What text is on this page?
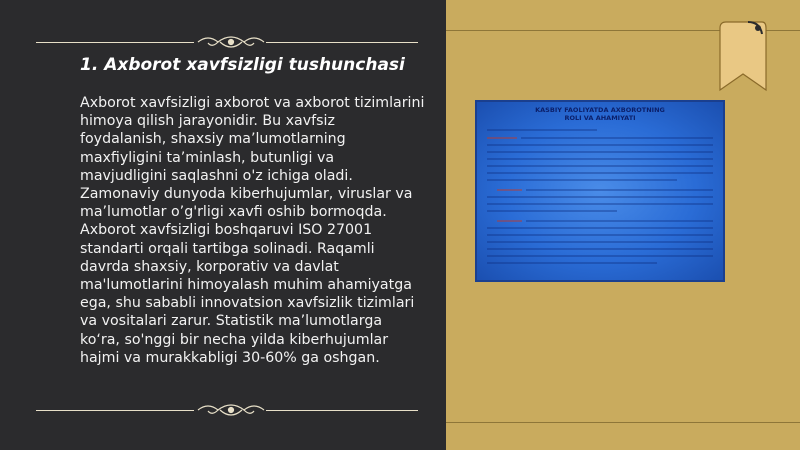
1. Axborot xavfsizligi tushunchasi

Axborot xavfsizligi axborot va axborot tizimlarini himoya qilish jarayonidir. Bu xavfsiz foydalanish, shaxsiy ma’lumotlarning maxfiyligini ta’minlash, butunligi va mavjudligini saqlashni o'z ichiga oladi. Zamonaviy dunyoda kiberhujumlar, viruslar va ma’lumotlar o’g'rligi xavfi oshib bormoqda. Axborot xavfsizligi boshqaruvi ISO 27001 standarti orqali tartibga solinadi. Raqamli davrda shaxsiy, korporativ va davlat ma'lumotlarini himoyalash muhim ahamiyatga ega, shu sababli innovatsion xavfsizlik tizimlari va vositalari zarur. Statistik ma’lumotlarga ko‘ra, so'nggi bir necha yilda kiberhujumlar hajmi va murakkabligi 30-60% ga oshgan.

KASBIY FAOLIYATDA AXBOROTNING
ROLI VA AHAMIYATI
